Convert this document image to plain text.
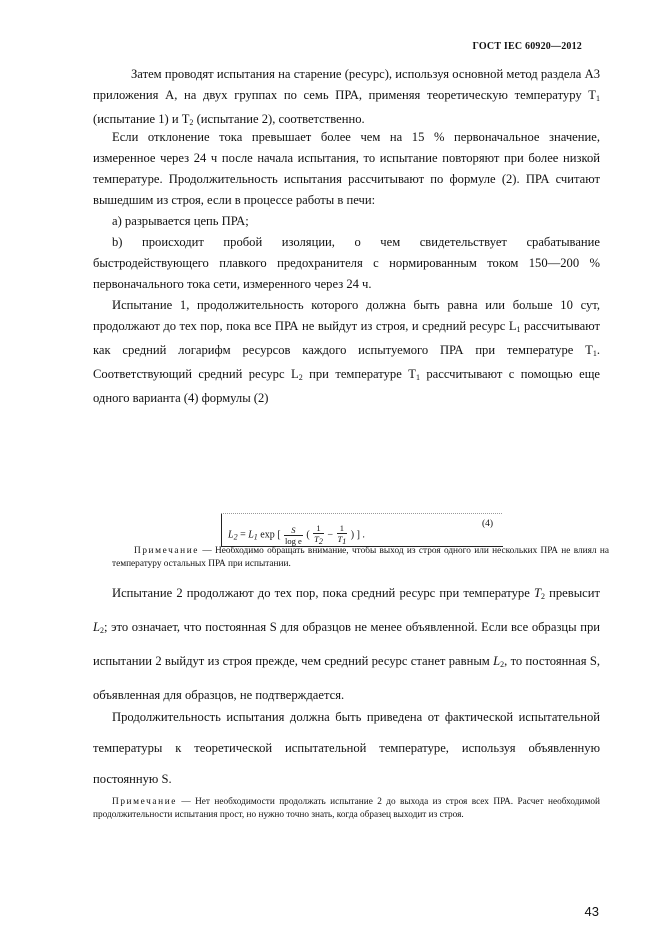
ГОСТ IEC 60920—2012

Затем проводят испытания на старение (ресурс), используя основной метод раздела А3 приложения А, на двух группах по семь ПРА, применяя теоретическую температуру $T_1$ (испытание 1) и $T_2$ (испытание 2), соответственно.

Если отклонение тока превышает более чем на 15 % первоначальное значение, измеренное через 24 ч после начала испытания, то испытание повторяют при более низкой температуре. Продолжительность испытания рассчитывают по формуле (2). ПРА считают вышедшим из строя, если в процессе работы в печи:

а) разрывается цепь ПРА;

b) происходит пробой изоляции, о чем свидетельствует срабатывание быстродействующего плавкого предохранителя с нормированным током 150—200 % первоначального тока сети, измеренного через 24 ч.

Испытание 1, продолжительность которого должна быть равна или больше 10 сут, продолжают до тех пор, пока все ПРА не выйдут из строя, и средний ресурс $L_1$ рассчитывают как средний логарифм ресурсов каждого испытуемого ПРА при температуре $T_1$. Соответствующий средний ресурс $L_2$ при температуре $T_1$ рассчитывают с помощью еще одного варианта (4) формулы (2)

$L_2 = L_1$ exp [ $\frac{S}{\text{log e}}$ ( $\frac{1}{T_2} - \frac{1}{T_1}$ ) ] .
(4)

Примечание — Необходимо обращать внимание, чтобы выход из строя одного или нескольких ПРА не влиял на температуру остальных ПРА при испытании.

Испытание 2 продолжают до тех пор, пока средний ресурс при температуре $T_2$ превысит $L_2$; это означает, что постоянная S для образцов не менее объявленной. Если все образцы при испытании 2 выйдут из строя прежде, чем средний ресурс станет равным $L_2$, то постоянная S, объявленная для образцов, не подтверждается.

Продолжительность испытания должна быть приведена от фактической испытательной температуры к теоретической испытательной температуре, используя объявленную постоянную S.

Примечание — Нет необходимости продолжать испытание 2 до выхода из строя всех ПРА. Расчет необходимой продолжительности испытания прост, но нужно точно знать, когда образец выходит из строя.

43
